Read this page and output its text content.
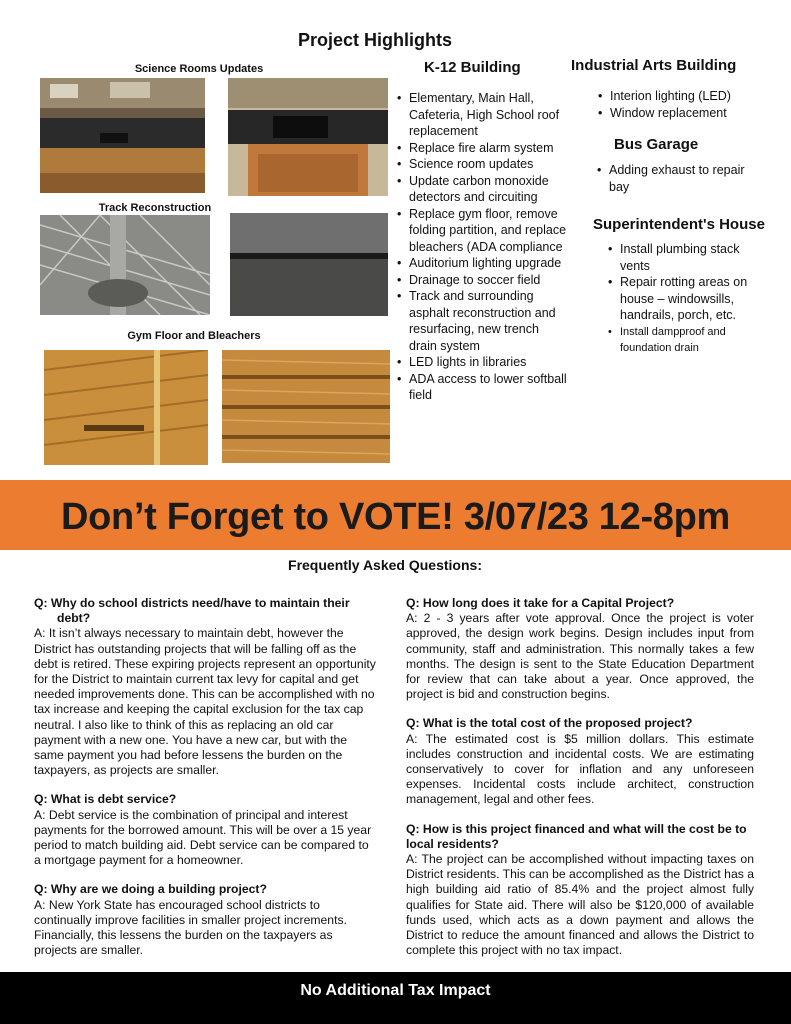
Project Highlights
Science Rooms Updates
Track Reconstruction
Gym Floor and Bleachers
K-12 Building
• Elementary, Main Hall, Cafeteria, High School roof replacement
• Replace fire alarm system
• Science room updates
• Update carbon monoxide detectors and circuiting
• Replace gym floor, remove folding partition, and replace bleachers (ADA compliance
• Auditorium lighting upgrade
• Drainage to soccer field
• Track and surrounding asphalt reconstruction and resurfacing, new trench drain system
• LED lights in libraries
• ADA access to lower softball field
Industrial Arts Building
• Interion lighting (LED)
• Window replacement
Bus Garage
• Adding exhaust to repair bay
Superintendent's House
• Install plumbing stack vents
• Repair rotting areas on house – windowsills, handrails, porch, etc.
• Install dampproof and foundation drain
Don’t Forget to VOTE! 3/07/23 12-8pm
Frequently Asked Questions:
Q: Why do school districts need/have to maintain their debt?
A: It isn’t always necessary to maintain debt, however the District has outstanding projects that will be falling off as the debt is retired. These expiring projects represent an opportunity for the District to maintain current tax levy for capital and get needed improvements done. This can be accomplished with no tax increase and keeping the capital exclusion for the tax cap neutral. I also like to think of this as replacing an old car payment with a new one. You have a new car, but with the same payment you had before lessens the burden on the taxpayers, as projects are smaller.
Q: What is debt service?
A: Debt service is the combination of principal and interest payments for the borrowed amount. This will be over a 15 year period to match building aid. Debt service can be compared to a mortgage payment for a homeowner.
Q: Why are we doing a building project?
A: New York State has encouraged school districts to continually improve facilities in smaller project increments. Financially, this lessens the burden on the taxpayers as projects are smaller.
Q: How long does it take for a Capital Project?
A: 2 - 3 years after vote approval. Once the project is voter approved, the design work begins. Design includes input from community, staff and administration. This normally takes a few months. The design is sent to the State Education Department for review that can take about a year. Once approved, the project is bid and construction begins.
Q: What is the total cost of the proposed project?
A: The estimated cost is $5 million dollars. This estimate includes construction and incidental costs. We are estimating conservatively to cover for inflation and any unforeseen expenses. Incidental costs include architect, construction management, legal and other fees.
Q: How is this project financed and what will the cost be to local residents?
A: The project can be accomplished without impacting taxes on District residents. This can be accomplished as the District has a high building aid ratio of 85.4% and the project almost fully qualifies for State aid. There will also be $120,000 of available funds used, which acts as a down payment and allows the District to reduce the amount financed and allows the District to complete this project with no tax impact.
No Additional Tax Impact
